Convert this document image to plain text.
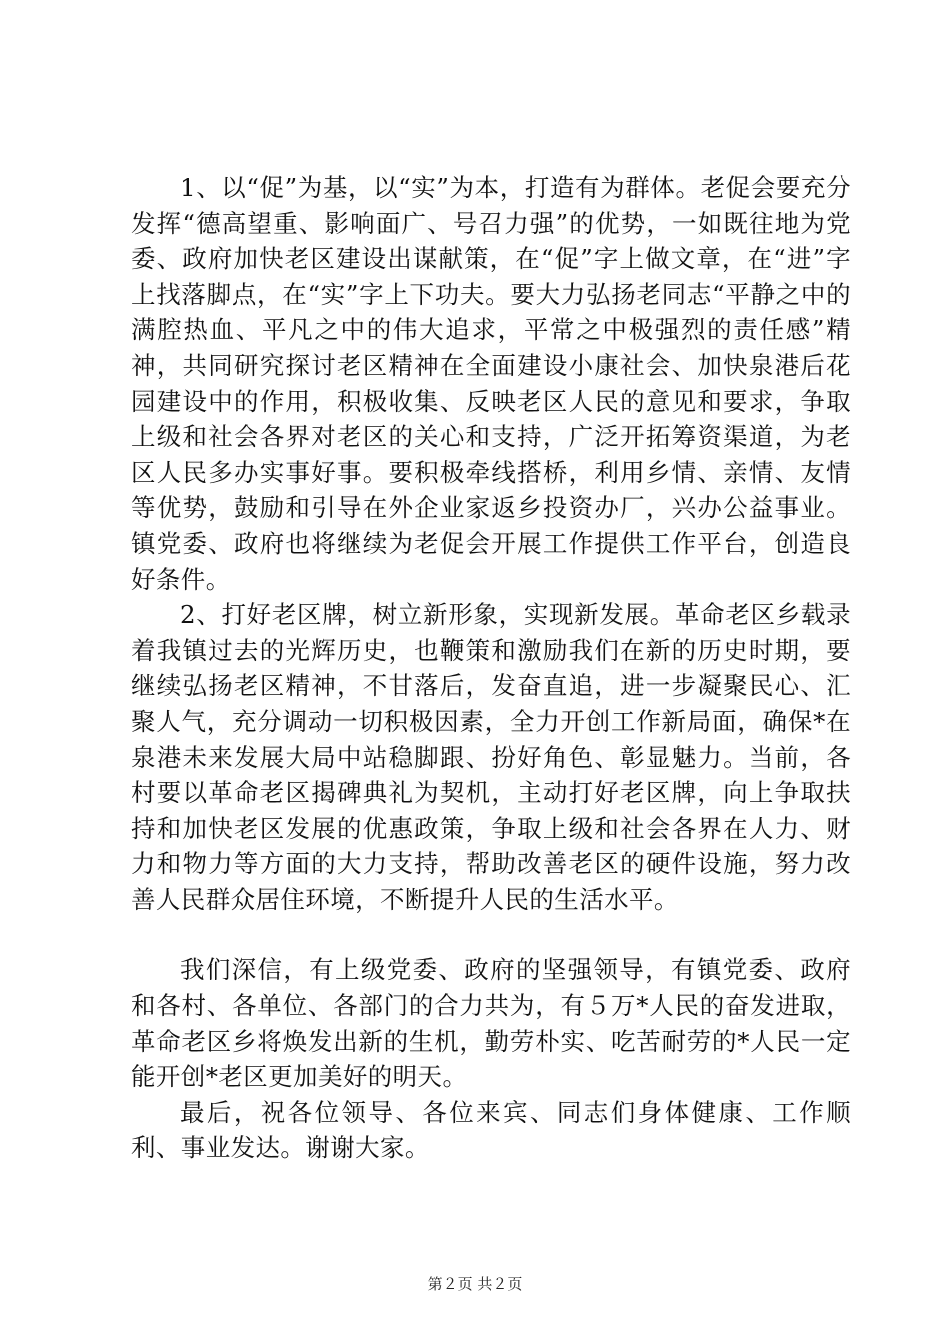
1、以“促”为基，以“实”为本，打造有为群体。老促会要充分发挥“德高望重、影响面广、号召力强”的优势，一如既往地为党委、政府加快老区建设出谋献策，在“促”字上做文章，在“进”字上找落脚点，在“实”字上下功夫。要大力弘扬老同志“平静之中的满腔热血、平凡之中的伟大追求，平常之中极强烈的责任感”精神，共同研究探讨老区精神在全面建设小康社会、加快泉港后花园建设中的作用，积极收集、反映老区人民的意见和要求，争取上级和社会各界对老区的关心和支持，广泛开拓筹资渠道，为老区人民多办实事好事。要积极牵线搭桥，利用乡情、亲情、友情等优势，鼓励和引导在外企业家返乡投资办厂，兴办公益事业。镇党委、政府也将继续为老促会开展工作提供工作平台，创造良好条件。

2、打好老区牌，树立新形象，实现新发展。革命老区乡载录着我镇过去的光辉历史，也鞭策和激励我们在新的历史时期，要继续弘扬老区精神，不甘落后，发奋直追，进一步凝聚民心、汇聚人气，充分调动一切积极因素，全力开创工作新局面，确保*在泉港未来发展大局中站稳脚跟、扮好角色、彰显魅力。当前，各村要以革命老区揭碑典礼为契机，主动打好老区牌，向上争取扶持和加快老区发展的优惠政策，争取上级和社会各界在人力、财力和物力等方面的大力支持，帮助改善老区的硬件设施，努力改善人民群众居住环境，不断提升人民的生活水平。

我们深信，有上级党委、政府的坚强领导，有镇党委、政府和各村、各单位、各部门的合力共为，有５万*人民的奋发进取，革命老区乡将焕发出新的生机，勤劳朴实、吃苦耐劳的*人民一定能开创*老区更加美好的明天。

最后，祝各位领导、各位来宾、同志们身体健康、工作顺利、事业发达。谢谢大家。

第２页 共２页
